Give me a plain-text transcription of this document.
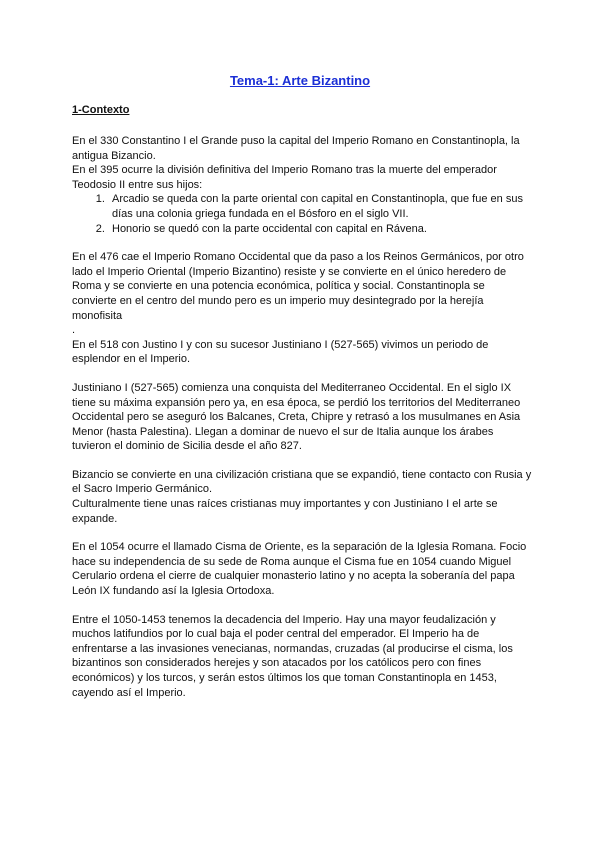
Tema-1: Arte Bizantino
1-Contexto

En el 330 Constantino I el Grande puso la capital del Imperio Romano en Constantinopla, la antigua Bizancio.

En el 395 ocurre la división definitiva del Imperio Romano tras la muerte del emperador Teodosio II entre sus hijos:

1. Arcadio se queda con la parte oriental con capital en Constantinopla, que fue en sus días una colonia griega fundada en el Bósforo en el siglo VII.
2. Honorio se quedó con la parte occidental con capital en Rávena.

En el 476 cae el Imperio Romano Occidental que da paso a los Reinos Germánicos, por otro lado el Imperio Oriental (Imperio Bizantino) resiste y se convierte en el único heredero de Roma y se convierte en una potencia económica, política y social. Constantinopla se convierte en el centro del mundo pero es un imperio muy desintegrado por la herejía monofisita

.

En el 518 con Justino I y con su sucesor Justiniano I (527-565) vivimos un periodo de esplendor en el Imperio.

Justiniano I (527-565) comienza una conquista del Mediterraneo Occidental. En el siglo IX tiene su máxima expansión pero ya, en esa época, se perdió los territorios del Mediterraneo Occidental pero se aseguró los Balcanes, Creta, Chipre y retrasó a los musulmanes en Asia Menor (hasta Palestina). Llegan a dominar de nuevo el sur de Italia aunque los árabes tuvieron el dominio de Sicilia desde el año 827.

Bizancio se convierte en una civilización cristiana que se expandió, tiene contacto con Rusia y el Sacro Imperio Germánico.

Culturalmente tiene unas raíces cristianas muy importantes y con Justiniano I el arte se expande.

En el 1054 ocurre el llamado Cisma de Oriente, es la separación de la Iglesia Romana. Focio hace su independencia de su sede de Roma aunque el Cisma fue en 1054 cuando Miguel Cerulario ordena el cierre de cualquier monasterio latino y no acepta la soberanía del papa León IX fundando así la Iglesia Ortodoxa.

Entre el 1050-1453 tenemos la decadencia del Imperio. Hay una mayor feudalización y muchos latifundios por lo cual baja el poder central del emperador. El Imperio ha de enfrentarse a las invasiones venecianas, normandas, cruzadas (al producirse el cisma, los bizantinos son considerados herejes y son atacados por los católicos pero con fines económicos) y los turcos, y serán estos últimos los que toman Constantinopla en 1453, cayendo así el Imperio.
